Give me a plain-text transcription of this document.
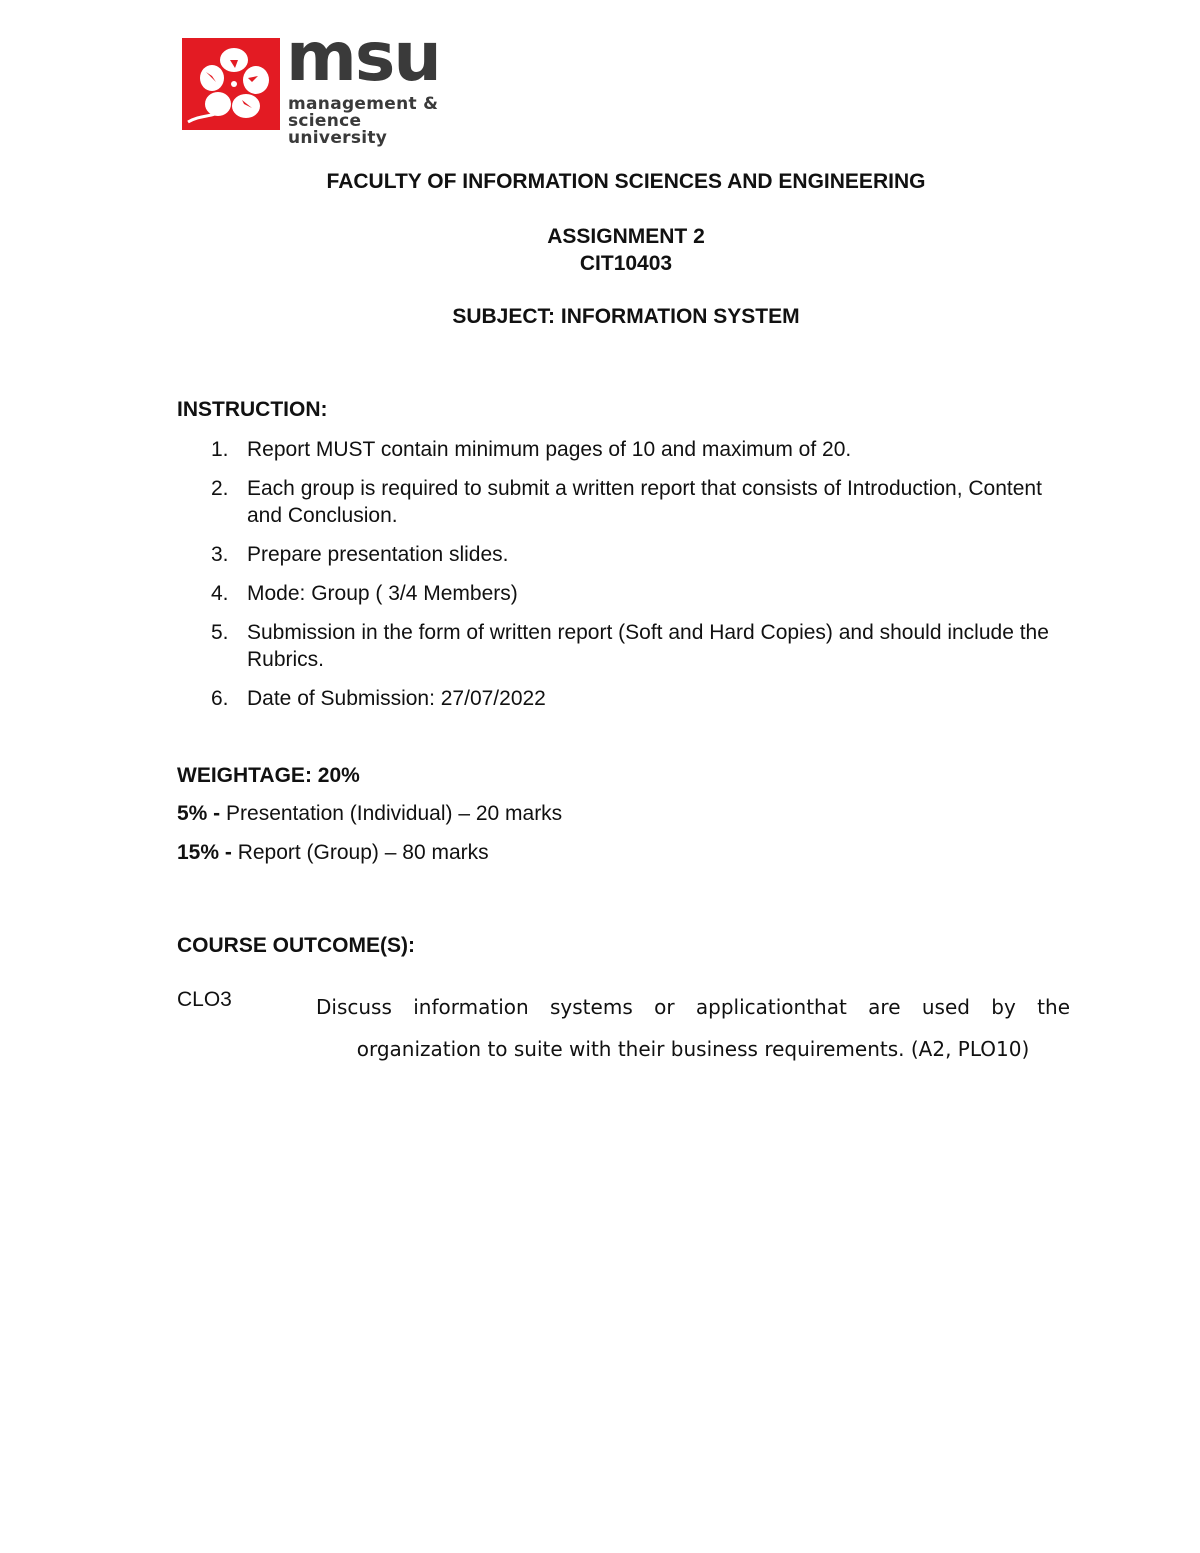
msu
management &
science university
FACULTY OF INFORMATION SCIENCES AND ENGINEERING
ASSIGNMENT 2
CIT10403
SUBJECT: INFORMATION SYSTEM
INSTRUCTION:
1. Report MUST contain minimum pages of 10 and maximum of 20.
2. Each group is required to submit a written report that consists of Introduction, Content and Conclusion.
3. Prepare presentation slides.
4. Mode: Group ( 3/4 Members)
5. Submission in the form of written report (Soft and Hard Copies) and should include the Rubrics.
6. Date of Submission: 27/07/2022
WEIGHTAGE: 20%
5% - Presentation (Individual) – 20 marks
15% - Report (Group) – 80 marks
COURSE OUTCOME(S):
CLO3	Discuss information systems or applicationthat are used by the organization to suite with their business requirements. (A2, PLO10)
